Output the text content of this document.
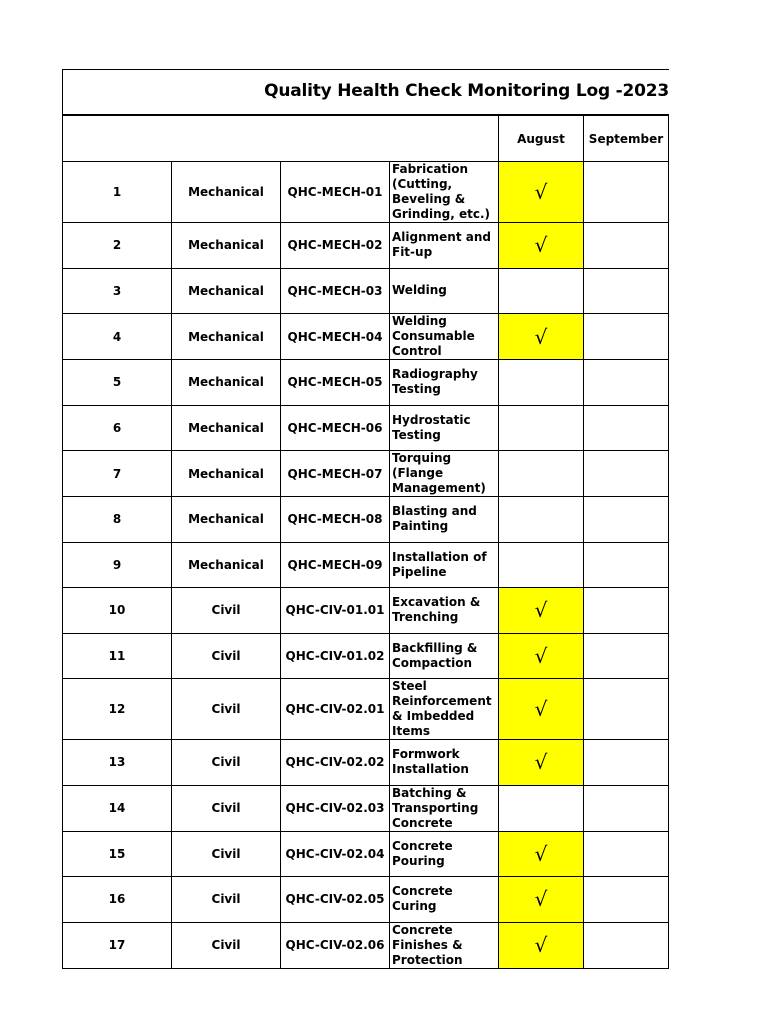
Quality Health Check Monitoring Log -2023
				August	September
1	Mechanical	QHC-MECH-01	Fabrication (Cutting, Beveling & Grinding, etc.)	√	
2	Mechanical	QHC-MECH-02	Alignment and Fit-up	√	
3	Mechanical	QHC-MECH-03	Welding		
4	Mechanical	QHC-MECH-04	Welding Consumable Control	√	
5	Mechanical	QHC-MECH-05	Radiography Testing		
6	Mechanical	QHC-MECH-06	Hydrostatic Testing		
7	Mechanical	QHC-MECH-07	Torquing (Flange Management)		
8	Mechanical	QHC-MECH-08	Blasting and Painting		
9	Mechanical	QHC-MECH-09	Installation of Pipeline		
10	Civil	QHC-CIV-01.01	Excavation & Trenching	√	
11	Civil	QHC-CIV-01.02	Backfilling & Compaction	√	
12	Civil	QHC-CIV-02.01	Steel Reinforcement & Imbedded Items	√	
13	Civil	QHC-CIV-02.02	Formwork Installation	√	
14	Civil	QHC-CIV-02.03	Batching & Transporting Concrete		
15	Civil	QHC-CIV-02.04	Concrete Pouring	√	
16	Civil	QHC-CIV-02.05	Concrete Curing	√	
17	Civil	QHC-CIV-02.06	Concrete Finishes & Protection	√	
